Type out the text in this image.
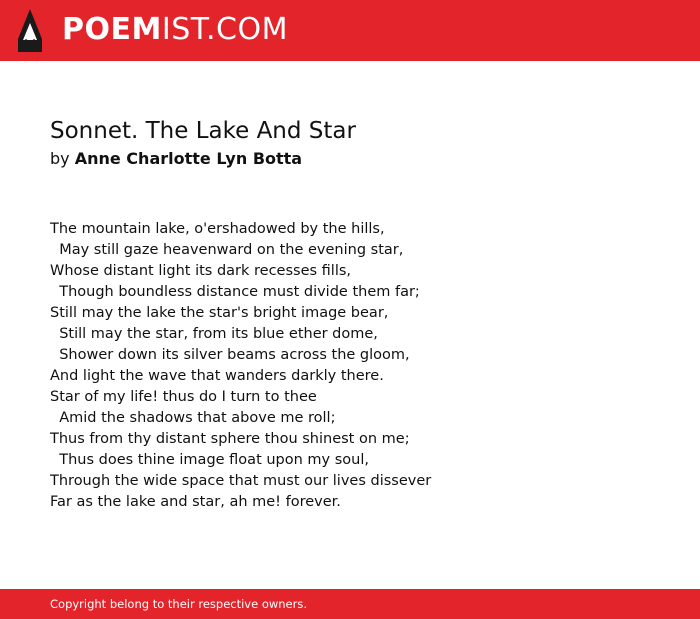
POEMIST.COM
Sonnet. The Lake And Star
by Anne Charlotte Lyn Botta
The mountain lake, o'ershadowed by the hills,
May still gaze heavenward on the evening star,
Whose distant light its dark recesses fills,
Though boundless distance must divide them far;
Still may the lake the star's bright image bear,
Still may the star, from its blue ether dome,
Shower down its silver beams across the gloom,
And light the wave that wanders darkly there.
Star of my life! thus do I turn to thee
Amid the shadows that above me roll;
Thus from thy distant sphere thou shinest on me;
Thus does thine image float upon my soul,
Through the wide space that must our lives dissever
Far as the lake and star, ah me! forever.
Copyright belong to their respective owners.
